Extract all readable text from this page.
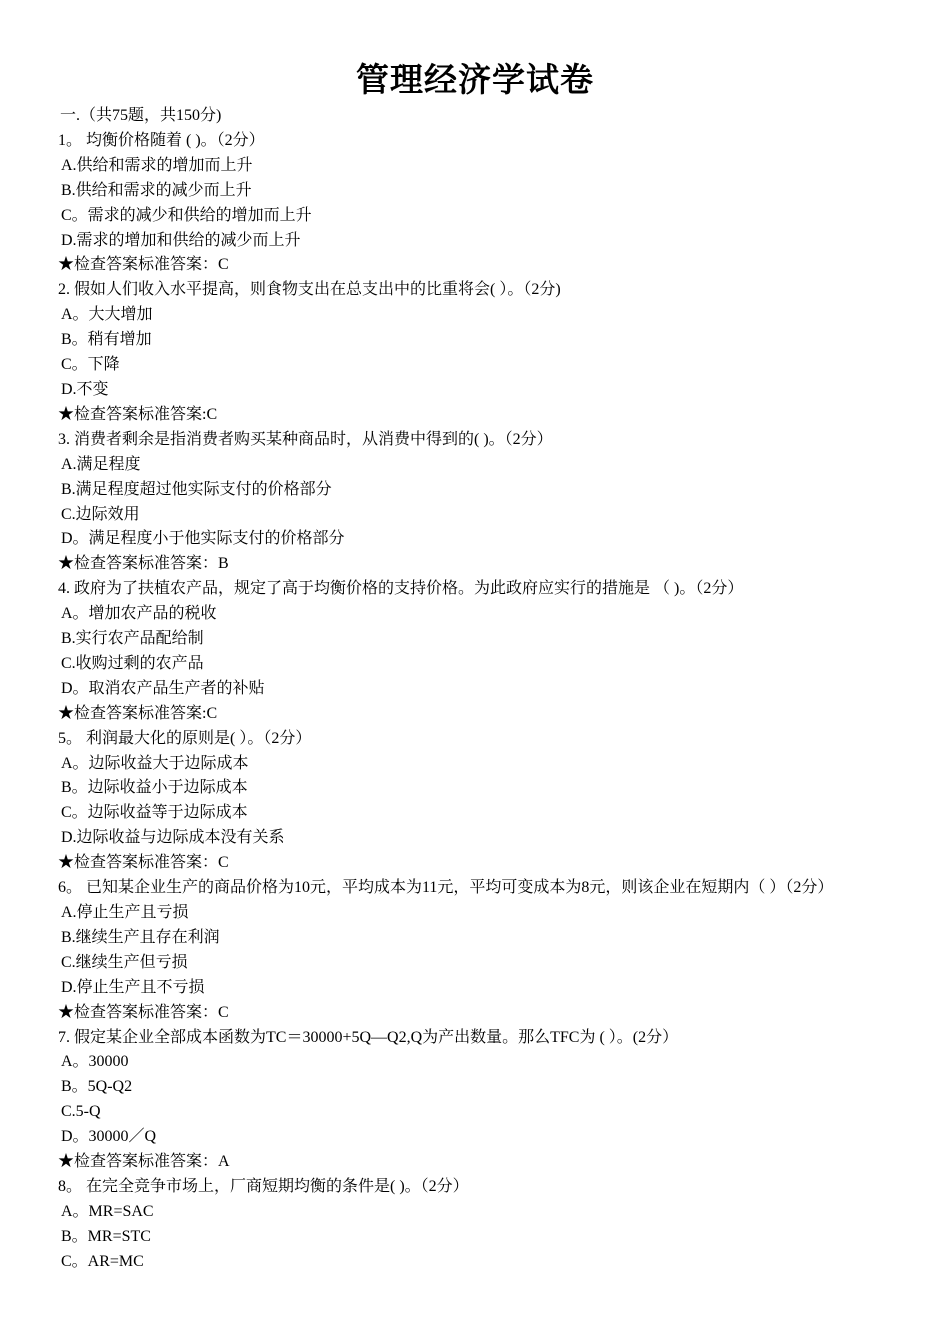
管理经济学试卷
一.（共75题，共150分)
1。 均衡价格随着 ( )。（2分）
A.供给和需求的增加而上升
B.供给和需求的减少而上升
C。需求的减少和供给的增加而上升
D.需求的增加和供给的减少而上升
★检查答案标准答案：C
2. 假如人们收入水平提高，则食物支出在总支出中的比重将会( ）。（2分)
A。大大增加
B。稍有增加
C。下降
D.不变
★检查答案标准答案:C
3. 消费者剩余是指消费者购买某种商品时，从消费中得到的( )。（2分）
A.满足程度
B.满足程度超过他实际支付的价格部分
C.边际效用
D。满足程度小于他实际支付的价格部分
★检查答案标准答案：B
4. 政府为了扶植农产品，规定了高于均衡价格的支持价格。为此政府应实行的措施是 （ )。（2分）
A。增加农产品的税收
B.实行农产品配给制
C.收购过剩的农产品
D。取消农产品生产者的补贴
★检查答案标准答案:C
5。 利润最大化的原则是( ）。（2分）
A。边际收益大于边际成本
B。边际收益小于边际成本
C。边际收益等于边际成本
D.边际收益与边际成本没有关系
★检查答案标准答案：C
6。 已知某企业生产的商品价格为10元，平均成本为11元，平均可变成本为8元，则该企业在短期内（ ）（2分）
A.停止生产且亏损
B.继续生产且存在利润
C.继续生产但亏损
D.停止生产且不亏损
★检查答案标准答案：C
7. 假定某企业全部成本函数为TC＝30000+5Q—Q2,Q为产出数量。那么TFC为 ( ）。(2分）
A。30000
B。5Q-Q2
C.5-Q
D。30000／Q
★检查答案标准答案：A
8。 在完全竞争市场上，厂商短期均衡的条件是( )。（2分）
A。MR=SAC
B。MR=STC
C。AR=MC
